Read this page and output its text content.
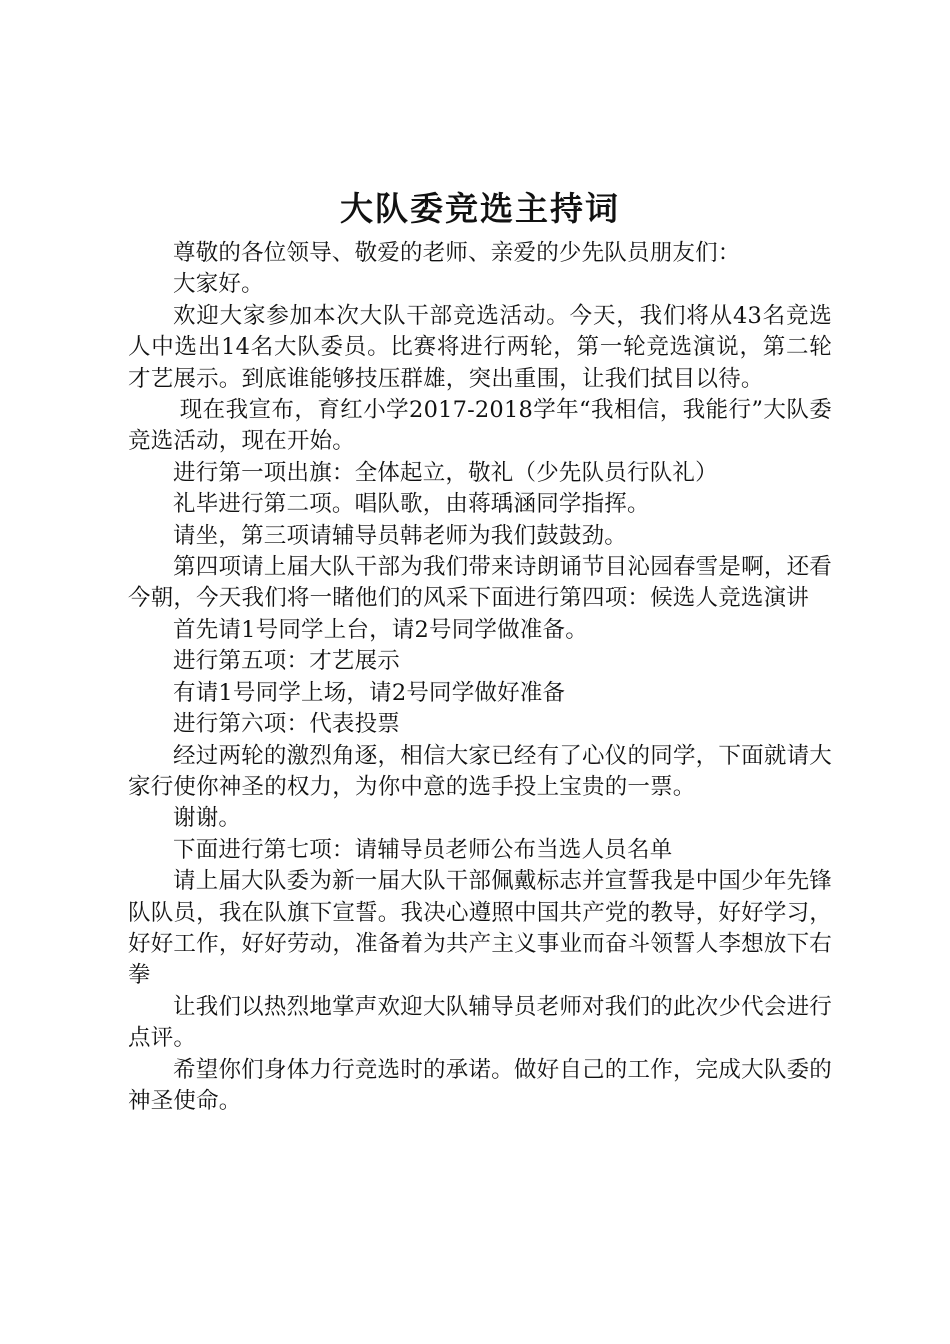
大队委竞选主持词

尊敬的各位领导、敬爱的老师、亲爱的少先队员朋友们：

大家好。

欢迎大家参加本次大队干部竞选活动。今天，我们将从43名竞选人中选出14名大队委员。比赛将进行两轮，第一轮竞选演说，第二轮才艺展示。到底谁能够技压群雄，突出重围，让我们拭目以待。

现在我宣布，育红小学2017-2018学年“我相信，我能行”大队委竞选活动，现在开始。

进行第一项出旗：全体起立，敬礼（少先队员行队礼）

礼毕进行第二项。唱队歌，由蒋瑀涵同学指挥。

请坐，第三项请辅导员韩老师为我们鼓鼓劲。

第四项请上届大队干部为我们带来诗朗诵节目沁园春雪是啊，还看今朝，今天我们将一睹他们的风采下面进行第四项：候选人竞选演讲

首先请1号同学上台，请2号同学做准备。

进行第五项：才艺展示

有请1号同学上场，请2号同学做好准备

进行第六项：代表投票

经过两轮的激烈角逐，相信大家已经有了心仪的同学，下面就请大家行使你神圣的权力，为你中意的选手投上宝贵的一票。

谢谢。

下面进行第七项：请辅导员老师公布当选人员名单

请上届大队委为新一届大队干部佩戴标志并宣誓我是中国少年先锋队队员，我在队旗下宣誓。我决心遵照中国共产党的教导，好好学习，好好工作，好好劳动，准备着为共产主义事业而奋斗领誓人李想放下右拳

让我们以热烈地掌声欢迎大队辅导员老师对我们的此次少代会进行点评。

希望你们身体力行竞选时的承诺。做好自己的工作，完成大队委的神圣使命。
